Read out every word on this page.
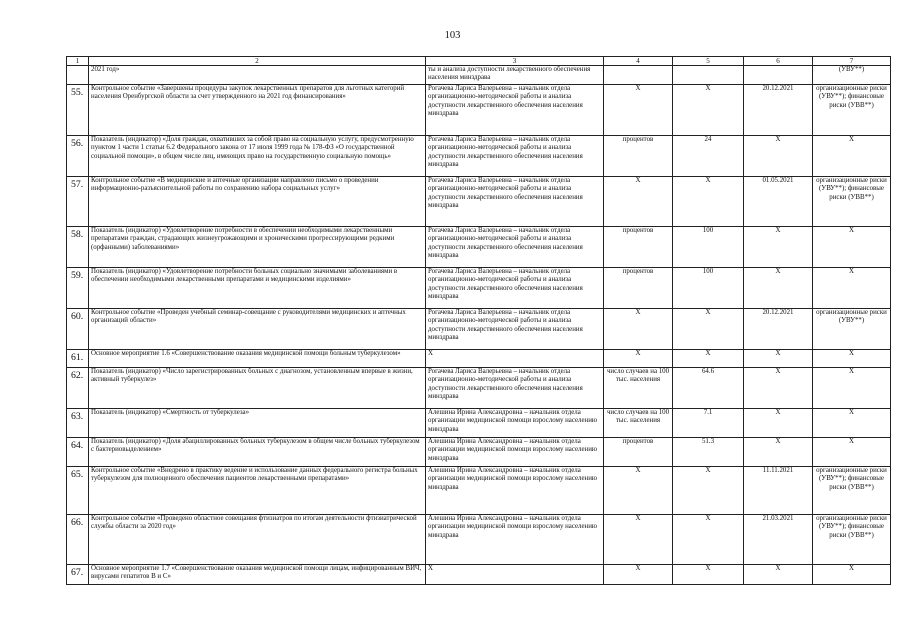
103
1	2	3	4	5	6	7
	2021 год»	ты и анализа доступности лекарственного обеспечения населения минздрава				(УВУ**)
55.	Контрольное событие «Завершены процедуры закупок лекарственных препаратов для льготных категорий населения Оренбургской области за счет утвержденного на 2021 год финансирования»	Рогачева Лариса Валерьевна – начальник отдела организационно-методической работы и анализа доступности лекарственного обеспечения населения минздрава	X	X	20.12.2021	организационные риски (УВУ**); финансовые риски (УВВ**)
56.	Показатель (индикатор) «Доля граждан, охвативших за собой право на социальную услугу, предусмотренную пунктом 1 части 1 статьи 6.2 Федерального закона от 17 июля 1999 года № 178-ФЗ «О государственной социальной помощи», в общем числе лиц, имеющих право на государственную социальную помощь»	Рогачева Лариса Валерьевна – начальник отдела организационно-методической работы и анализа доступности лекарственного обеспечения населения минздрава	процентов	24	X	X
57.	Контрольное событие «В медицинские и аптечные организации направлено письмо о проведении информационно-разъяснительной работы по сохранению набора социальных услуг»	Рогачева Лариса Валерьевна – начальник отдела организационно-методической работы и анализа доступности лекарственного обеспечения населения минздрава	X	X	01.05.2021	организационные риски (УВУ**); финансовые риски (УВВ**)
58.	Показатель (индикатор) «Удовлетворение потребности в обеспечении необходимыми лекарственными препаратами граждан, страдающих жизнеугрожающими и хроническими прогрессирующими редкими (орфанными) заболеваниями»	Рогачева Лариса Валерьевна – начальник отдела организационно-методической работы и анализа доступности лекарственного обеспечения населения минздрава	процентов	100	X	X
59.	Показатель (индикатор) «Удовлетворение потребности больных социально значимыми заболеваниями в обеспечении необходимыми лекарственными препаратами и медицинскими изделиями»	Рогачева Лариса Валерьевна – начальник отдела организационно-методической работы и анализа доступности лекарственного обеспечения населения минздрава	процентов	100	X	X
60.	Контрольное событие «Проведен учебный семинар-совещание с руководителями медицинских и аптечных организаций области»	Рогачева Лариса Валерьевна – начальник отдела организационно-методической работы и анализа доступности лекарственного обеспечения населения минздрава	X	X	20.12.2021	организационные риски (УВУ**)
61.	Основное мероприятие 1.6 «Совершенствование оказания медицинской помощи больным туберкулезом»	X	X	X	X	X
62.	Показатель (индикатор) «Число зарегистрированных больных с диагнозом, установленным впервые в жизни, активный туберкулез»	Рогачева Лариса Валерьевна – начальник отдела организационно-методической работы и анализа доступности лекарственного обеспечения населения минздрава	число случаев на 100 тыс. населения	64.6	X	X
63.	Показатель (индикатор) «Смертность от туберкулеза»	Алешина Ирина Александровна – начальник отдела организации медицинской помощи взрослому населению минздрава	число случаев на 100 тыс. населения	7.1	X	X
64.	Показатель (индикатор) «Доля абациллированных больных туберкулезом в общем числе больных туберкулезом с бактериовыделением»	Алешина Ирина Александровна – начальник отдела организации медицинской помощи взрослому населению минздрава	процентов	51.3	X	X
65.	Контрольное событие «Внедрено в практику ведение и использование данных федерального регистра больных туберкулезом для полноценного обеспечения пациентов лекарственными препаратами»	Алешина Ирина Александровна – начальник отдела организации медицинской помощи взрослому населению минздрава	X	X	11.11.2021	организационные риски (УВУ**); финансовые риски (УВВ**)
66.	Контрольное событие «Проведено областное совещания фтизиатров по итогам деятельности фтизиатрической службы области за 2020 год»	Алешина Ирина Александровна – начальник отдела организации медицинской помощи взрослому населению минздрава	X	X	21.03.2021	организационные риски (УВУ**); финансовые риски (УВВ**)
67.	Основное мероприятие 1.7 «Совершенствование оказания медицинской помощи лицам, инфицированным ВИЧ, вирусами гепатитов B и C»	X	X	X	X	X
